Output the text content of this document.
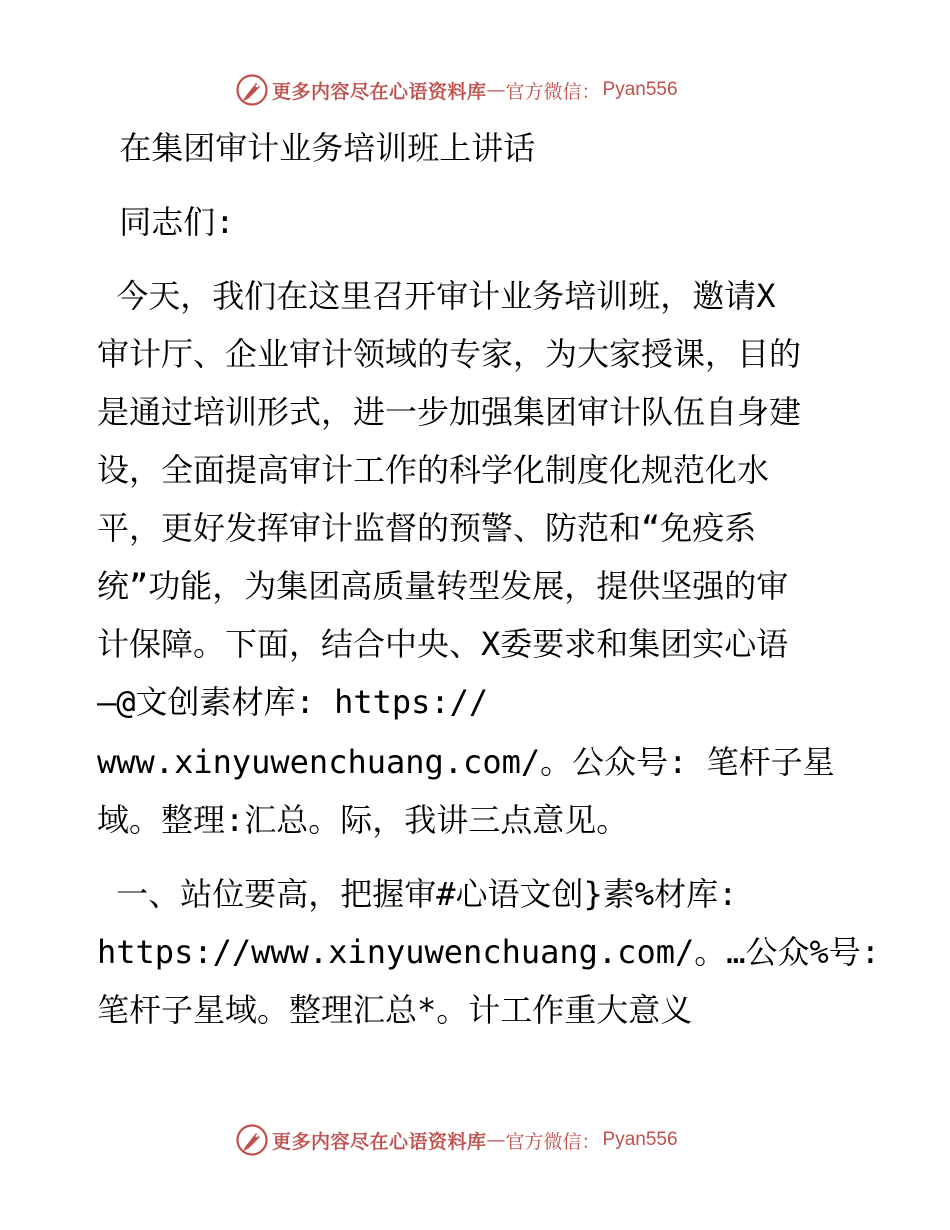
更多内容尽在心语资料库 — 官方微信： Pyan556
在集团审计业务培训班上讲话
同志们:
今天，我们在这里召开审计业务培训班，邀请X
审计厅、企业审计领域的专家，为大家授课，目的
是通过培训形式，进一步加强集团审计队伍自身建
设，全面提高审计工作的科学化制度化规范化水
平，更好发挥审计监督的预警、防范和“免疫系
统”功能，为集团高质量转型发展，提供坚强的审
计保障。下面，结合中央、X委要求和集团实心语
—@文创素材库: https://
www.xinyuwenchuang.com/。公众号: 笔杆子星
域。整理:汇总。际，我讲三点意见。
一、站位要高，把握审#心语文创}素%材库:
https://www.xinyuwenchuang.com/。…公众%号:
笔杆子星域。整理汇总*。计工作重大意义
更多内容尽在心语资料库 — 官方微信： Pyan556
